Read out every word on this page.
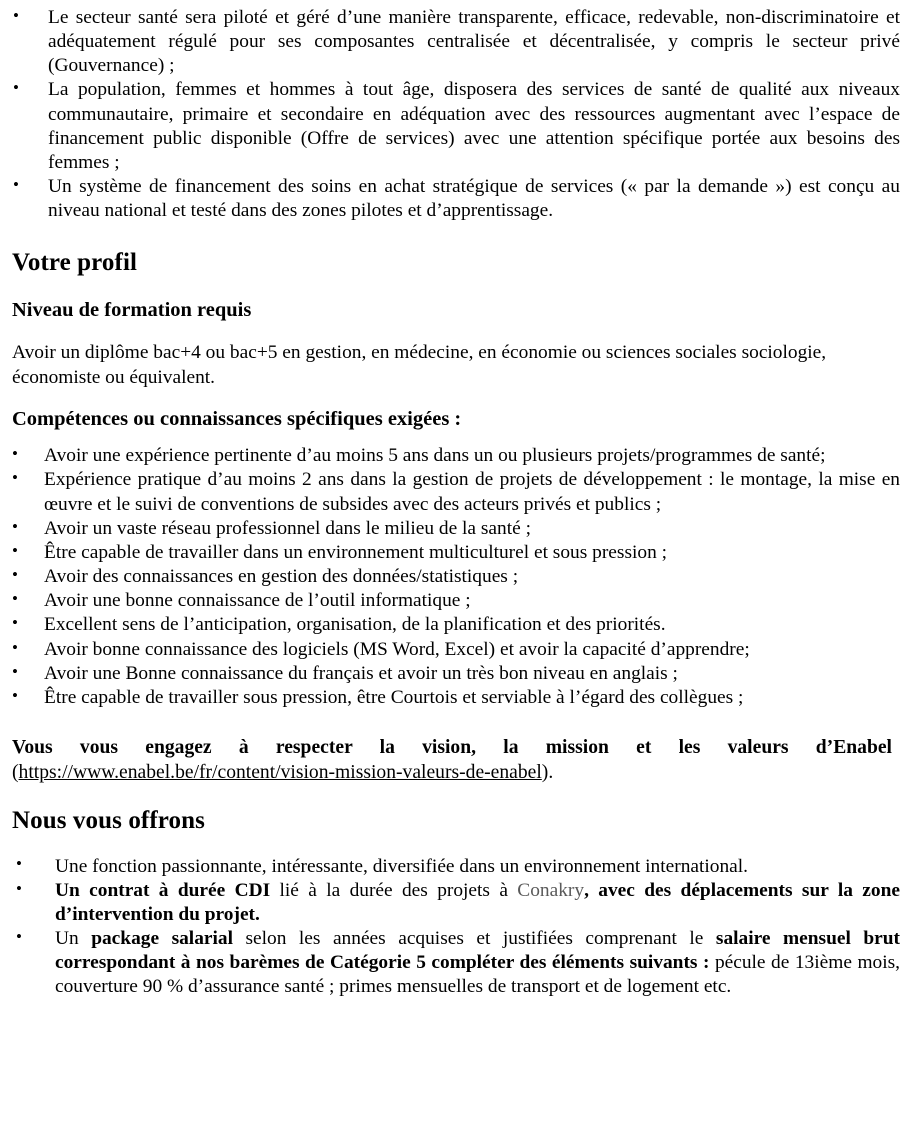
• Le secteur santé sera piloté et géré d’une manière transparente, efficace, redevable, non-discriminatoire et adéquatement régulé pour ses composantes centralisée et décentralisée, y compris le secteur privé (Gouvernance) ;
• La population, femmes et hommes à tout âge, disposera des services de santé de qualité aux niveaux communautaire, primaire et secondaire en adéquation avec des ressources augmentant avec l’espace de financement public disponible (Offre de services) avec une attention spécifique portée aux besoins des femmes ;
• Un système de financement des soins en achat stratégique de services (« par la demande ») est conçu au niveau national et testé dans des zones pilotes et d’apprentissage.
Votre profil
Niveau de formation requis

Avoir un diplôme bac+4 ou bac+5 en gestion, en médecine, en économie ou sciences sociales sociologie, économiste ou équivalent.

Compétences ou connaissances spécifiques exigées :
• Avoir une expérience pertinente d’au moins 5 ans dans un ou plusieurs projets/programmes de santé;
• Expérience pratique d’au moins 2 ans dans la gestion de projets de développement : le montage, la mise en œuvre et le suivi de conventions de subsides avec des acteurs privés et publics ;
• Avoir un vaste réseau professionnel dans le milieu de la santé ;
• Être capable de travailler dans un environnement multiculturel et sous pression ;
• Avoir des connaissances en gestion des données/statistiques ;
• Avoir une bonne connaissance de l’outil informatique ;
• Excellent sens de l’anticipation, organisation, de la planification et des priorités.
• Avoir bonne connaissance des logiciels (MS Word, Excel) et avoir la capacité d’apprendre;
• Avoir une Bonne connaissance du français et avoir un très bon niveau en anglais ;
• Être capable de travailler sous pression, être Courtois et serviable à l’égard des collègues ;

Vous vous engagez à respecter la vision, la mission et les valeurs d’Enabel (https://www.enabel.be/fr/content/vision-mission-valeurs-de-enabel).

Nous vous offrons
• Une fonction passionnante, intéressante, diversifiée dans un environnement international.
• Un contrat à durée CDI lié à la durée des projets à Conakry, avec des déplacements sur la zone d’intervention du projet.
• Un package salarial selon les années acquises et justifiées comprenant le salaire mensuel brut correspondant à nos barèmes de Catégorie 5 compléter des éléments suivants : pécule de 13ième mois, couverture 90 % d’assurance santé ; primes mensuelles de transport et de logement etc.
